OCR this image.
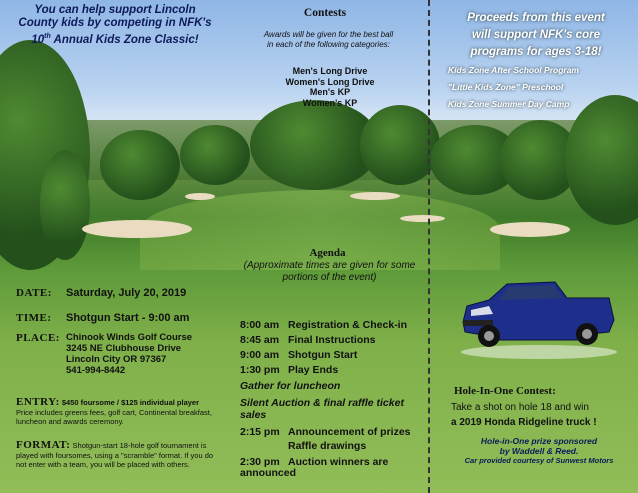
You can help support Lincoln
County kids by competing in NFK's
10th Annual Kids Zone Classic!
DATE: Saturday, July 20, 2019
TIME: Shotgun Start - 9:00 am
PLACE: Chinook Winds Golf Course
3245 NE Clubhouse Drive
Lincoln City OR 97367
541-994-8442
ENTRY: $450 foursome / $125 individual player
Price includes greens fees, golf cart, Continental breakfast, luncheon and awards ceremony.
FORMAT: Shotgun-start 18-hole golf tournament is played with foursomes, using a "scramble" format. If you do not enter with a team, you will be placed with others.
Contests
Awards will be given for the best ball
in each of the following categories:
Men's Long Drive
Women's Long Drive
Men's KP
Women's KP
Agenda
(Approximate times are given for some
portions of the event)
8:00 am Registration & Check-in
8:45 am Final Instructions
9:00 am Shotgun Start
1:30 pm Play Ends
Gather for luncheon
Silent Auction & final raffle ticket sales
2:15 pm Announcement of prizes
Raffle drawings
2:30 pm Auction winners are announced
Proceeds from this event
will support NFK's core
programs for ages 3-18!
Kids Zone After School Program
"Little Kids Zone" Preschool
Kids Zone Summer Day Camp
Hole-In-One Contest:
Take a shot on hole 18 and win
a 2019 Honda Ridgeline truck !
Hole-in-One prize sponsored
by Waddell & Reed.
Car provided courtesy of Sunwest Motors
